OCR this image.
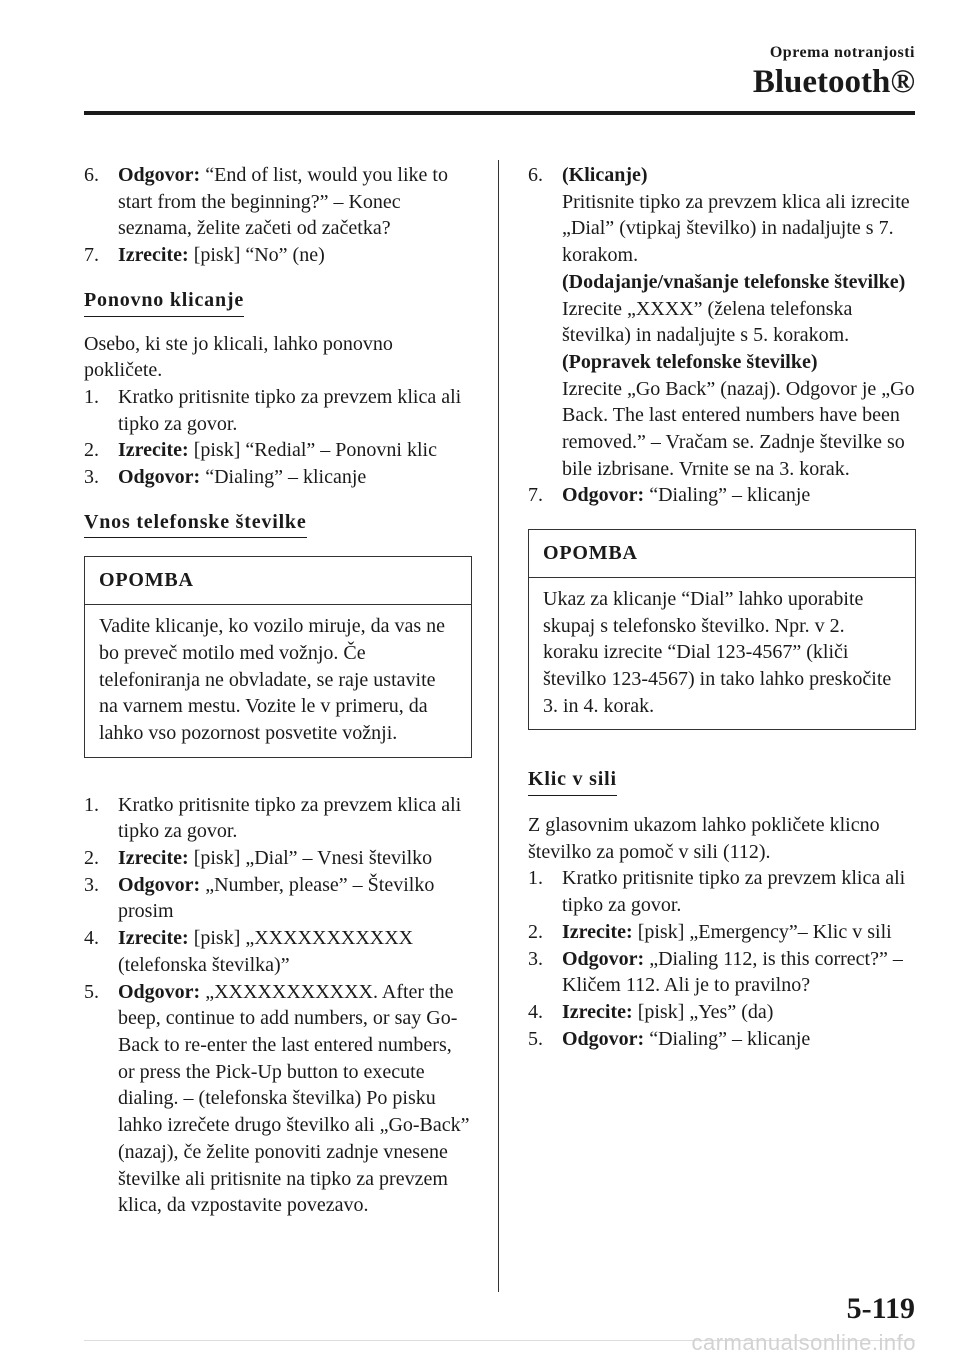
Oprema notranjosti
Bluetooth®

6. Odgovor: “End of list, would you like to start from the beginning?” – Konec seznama, želite začeti od začetka?

7. Izrecite: [pisk] “No” (ne)

Ponovno klicanje

Osebo, ki ste jo klicali, lahko ponovno pokličete.

1. Kratko pritisnite tipko za prevzem klica ali tipko za govor.

2. Izrecite: [pisk] “Redial” – Ponovni klic

3. Odgovor: “Dialing” – klicanje

Vnos telefonske številke
OPOMBA
Vadite klicanje, ko vozilo miruje, da vas ne bo preveč motilo med vožnjo. Če telefoniranja ne obvladate, se raje ustavite na varnem mestu. Vozite le v primeru, da lahko vso pozornost posvetite vožnji.

1. Kratko pritisnite tipko za prevzem klica ali tipko za govor.

2. Izrecite: [pisk] „Dial” – Vnesi številko

3. Odgovor: „Number, please” – Številko prosim

4. Izrecite: [pisk] „XXXXXXXXXXX (telefonska številka)”

5. Odgovor: „XXXXXXXXXXX. After the beep, continue to add numbers, or say Go-Back to re-enter the last entered numbers, or press the Pick-Up button to execute dialing. – (telefonska številka) Po pisku lahko izrečete drugo številko ali „Go-Back” (nazaj), če želite ponoviti zadnje vnesene številke ali pritisnite na tipko za prevzem klica, da vzpostavite povezavo.

6. (Klicanje)
Pritisnite tipko za prevzem klica ali izrecite „Dial” (vtipkaj številko) in nadaljujte s 7. korakom.
(Dodajanje/vnašanje telefonske številke)
Izrecite „XXXX” (želena telefonska številka) in nadaljujte s 5. korakom.
(Popravek telefonske številke)
Izrecite „Go Back” (nazaj). Odgovor je „Go Back. The last entered numbers have been removed.” – Vračam se. Zadnje številke so bile izbrisane. Vrnite se na 3. korak.

7. Odgovor: “Dialing” – klicanje

OPOMBA
Ukaz za klicanje “Dial” lahko uporabite skupaj s telefonsko številko. Npr. v 2. koraku izrecite “Dial 123-4567” (kliči številko 123-4567) in tako lahko preskočite 3. in 4. korak.
Klic v sili

Z glasovnim ukazom lahko pokličete klicno številko za pomoč v sili (112).

1. Kratko pritisnite tipko za prevzem klica ali tipko za govor.

2. Izrecite: [pisk] „Emergency”– Klic v sili

3. Odgovor: „Dialing 112, is this correct?” – Kličem 112. Ali je to pravilno?

4. Izrecite: [pisk] „Yes” (da)

5. Odgovor: “Dialing” – klicanje

5-119
carmanualsonline.info
